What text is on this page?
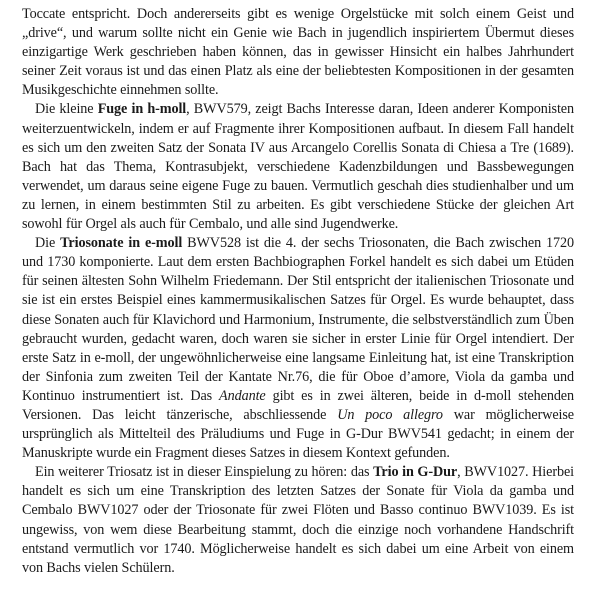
Toccate entspricht. Doch andererseits gibt es wenige Orgelstücke mit solch einem Geist und „drive“, und warum sollte nicht ein Genie wie Bach in jugendlich inspiriertem Übermut dieses einzigartige Werk geschrieben haben können, das in gewisser Hinsicht ein halbes Jahrhundert seiner Zeit voraus ist und das einen Platz als eine der beliebtesten Kompositionen in der gesamten Musikgeschichte einnehmen sollte.

Die kleine Fuge in h-moll, BWV579, zeigt Bachs Interesse daran, Ideen anderer Komponisten weiterzuentwickeln, indem er auf Fragmente ihrer Kompositionen aufbaut. In diesem Fall handelt es sich um den zweiten Satz der Sonata IV aus Arcangelo Corellis Sonata di Chiesa a Tre (1689). Bach hat das Thema, Kontrasubjekt, verschiedene Kadenzbildungen und Bassbewegungen verwendet, um daraus seine eigene Fuge zu bauen. Vermutlich geschah dies studienhalber und um zu lernen, in einem bestimmten Stil zu arbeiten. Es gibt verschiedene Stücke der gleichen Art sowohl für Orgel als auch für Cembalo, und alle sind Jugendwerke.

Die Triosonate in e-moll BWV528 ist die 4. der sechs Triosonaten, die Bach zwischen 1720 und 1730 komponierte. Laut dem ersten Bachbiographen Forkel handelt es sich dabei um Etüden für seinen ältesten Sohn Wilhelm Friedemann. Der Stil entspricht der italienischen Triosonate und sie ist ein erstes Beispiel eines kammermusikalischen Satzes für Orgel. Es wurde behauptet, dass diese Sonaten auch für Klavichord und Harmonium, Instrumente, die selbstverständlich zum Üben gebraucht wurden, gedacht waren, doch waren sie sicher in erster Linie für Orgel intendiert. Der erste Satz in e-moll, der ungewöhnlicherweise eine langsame Einleitung hat, ist eine Transkription der Sinfonia zum zweiten Teil der Kantate Nr.76, die für Oboe d’amore, Viola da gamba und Kontinuo instrumentiert ist. Das Andante gibt es in zwei älteren, beide in d-moll stehenden Versionen. Das leicht tänzerische, abschliessende Un poco allegro war möglicherweise ursprünglich als Mittelteil des Präludiums und Fuge in G-Dur BWV541 gedacht; in einem der Manuskripte wurde ein Fragment dieses Satzes in diesem Kontext gefunden.

Ein weiterer Triosatz ist in dieser Einspielung zu hören: das Trio in G-Dur, BWV1027. Hierbei handelt es sich um eine Transkription des letzten Satzes der Sonate für Viola da gamba und Cembalo BWV1027 oder der Triosonate für zwei Flöten und Basso continuo BWV1039. Es ist ungewiss, von wem diese Bearbeitung stammt, doch die einzige noch vorhandene Handschrift entstand vermutlich vor 1740. Möglicherweise handelt es sich dabei um eine Arbeit von einem von Bachs vielen Schülern.
